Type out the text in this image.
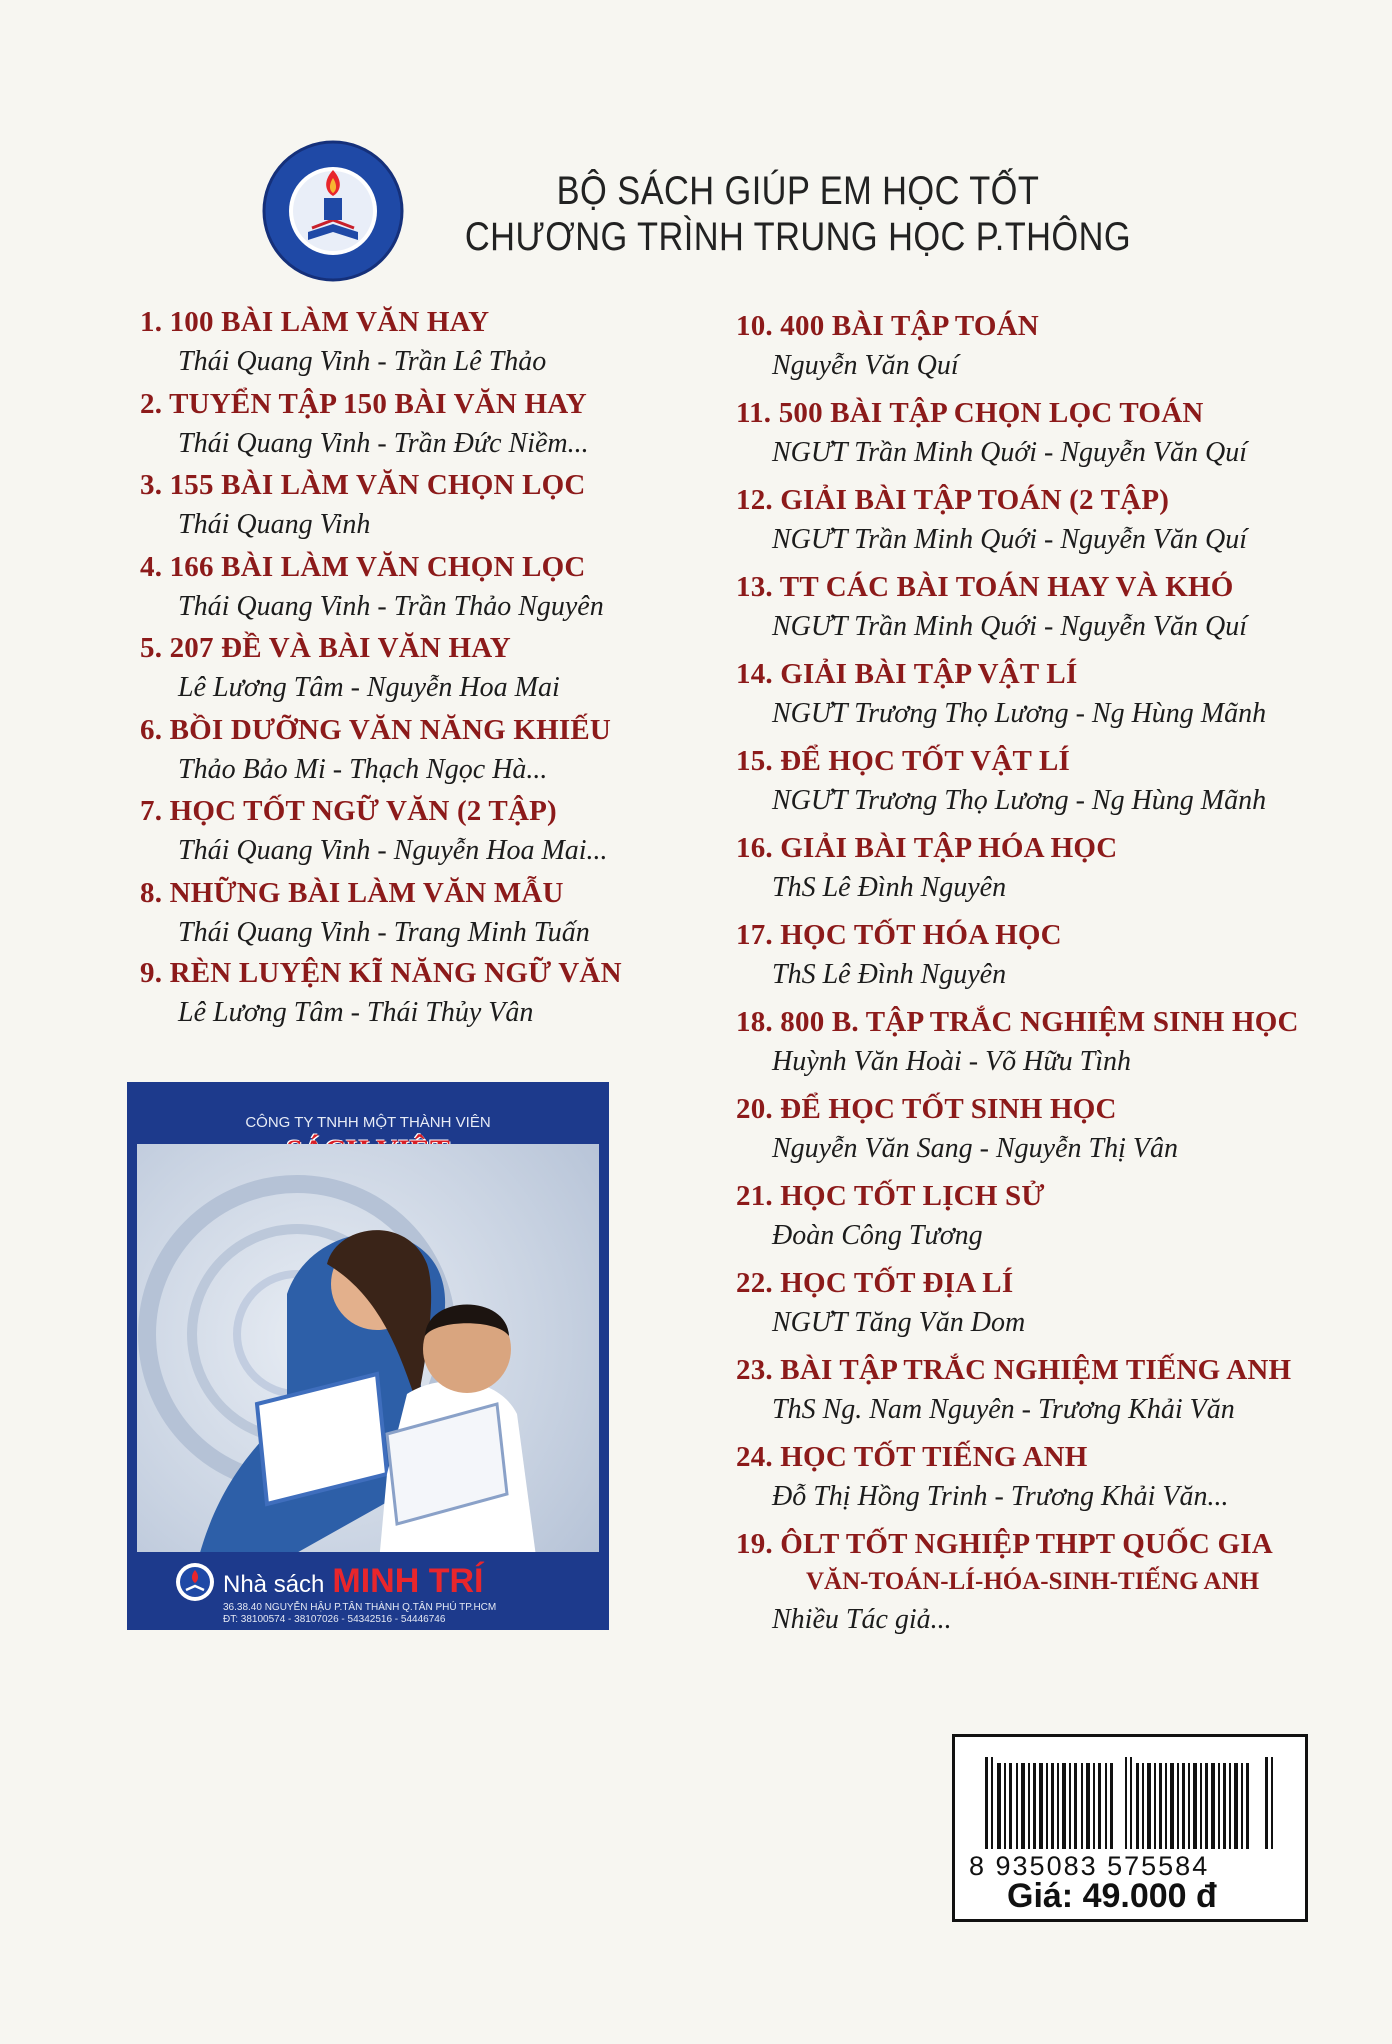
BỘ SÁCH GIÚP EM HỌC TỐT
CHƯƠNG TRÌNH TRUNG HỌC P.THÔNG
1. 100 BÀI LÀM VĂN HAY
Thái Quang Vinh - Trần Lê Thảo
2. TUYỂN TẬP 150 BÀI VĂN HAY
Thái Quang Vinh - Trần Đức Niềm...
3. 155 BÀI LÀM VĂN CHỌN LỌC
Thái Quang Vinh
4. 166 BÀI LÀM VĂN CHỌN LỌC
Thái Quang Vinh - Trần Thảo Nguyên
5. 207 ĐỀ VÀ BÀI VĂN HAY
Lê Lương Tâm - Nguyễn Hoa Mai
6. BỒI DƯỠNG VĂN NĂNG KHIẾU
Thảo Bảo Mi - Thạch Ngọc Hà...
7. HỌC TỐT NGỮ VĂN (2 TẬP)
Thái Quang Vinh - Nguyễn Hoa Mai...
8. NHỮNG BÀI LÀM VĂN MẪU
Thái Quang Vinh - Trang Minh Tuấn
9. RÈN LUYỆN KĨ NĂNG NGỮ VĂN
Lê Lương Tâm - Thái Thủy Vân
10. 400 BÀI TẬP TOÁN
Nguyễn Văn Quí
11. 500 BÀI TẬP CHỌN LỌC TOÁN
NGƯT Trần Minh Quới - Nguyễn Văn Quí
12. GIẢI BÀI TẬP TOÁN (2 TẬP)
NGƯT Trần Minh Quới - Nguyễn Văn Quí
13. TT CÁC BÀI TOÁN HAY VÀ KHÓ
NGƯT Trần Minh Quới - Nguyễn Văn Quí
14. GIẢI BÀI TẬP VẬT LÍ
NGƯT Trương Thọ Lương - Ng Hùng Mãnh
15. ĐỂ HỌC TỐT VẬT LÍ
NGƯT Trương Thọ Lương - Ng Hùng Mãnh
16. GIẢI BÀI TẬP HÓA HỌC
ThS Lê Đình Nguyên
17. HỌC TỐT HÓA HỌC
ThS Lê Đình Nguyên
18. 800 B. TẬP TRẮC NGHIỆM SINH HỌC
Huỳnh Văn Hoài - Võ Hữu Tình
20. ĐỂ HỌC TỐT SINH HỌC
Nguyễn Văn Sang - Nguyễn Thị Vân
21. HỌC TỐT LỊCH SỬ
Đoàn Công Tương
22. HỌC TỐT ĐỊA LÍ
NGƯT Tăng Văn Dom
23. BÀI TẬP TRẮC NGHIỆM TIẾNG ANH
ThS Ng. Nam Nguyên - Trương Khải Văn
24. HỌC TỐT TIẾNG ANH
Đỗ Thị Hồng Trinh - Trương Khải Văn...
19. ÔLT TỐT NGHIỆP THPT QUỐC GIA
VĂN-TOÁN-LÍ-HÓA-SINH-TIẾNG ANH
Nhiều Tác giả...
CÔNG TY TNHH MỘT THÀNH VIÊN
Nhà sách MINH TRÍ
36.38.40 NGUYỄN HẬU P.TÂN THÀNH Q.TÂN PHÚ TP.HCM
ĐT: 38100574 - 38107026 - 54342516 - 54446746
8 935083 575584
Giá: 49.000 đ
